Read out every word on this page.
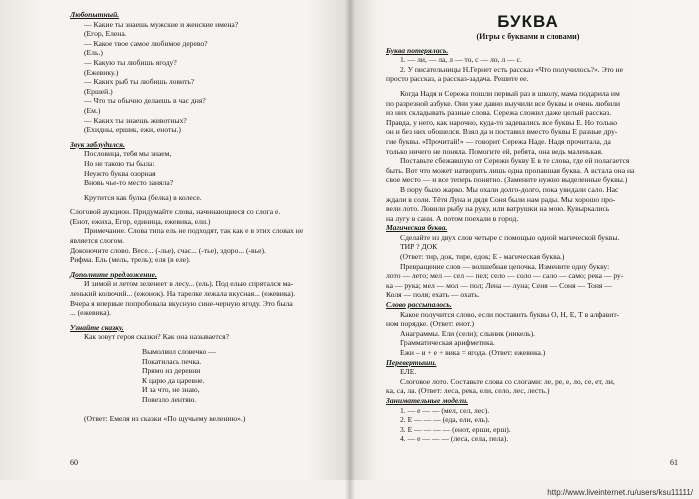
Любопытный.
— Какие ты знаешь мужские и женские имена?
(Егор, Елена.
— Какое твое самое любимое дерево?
(Ель.)
— Какую ты любишь ягоду?
(Ежевику.)
— Каких рыб ты любишь ловить?
(Ершей.)
— Что ты обычно делаешь в час дня?
(Ем.)
— Каких ты знаешь животных?
(Ехидны, ершик, ежи, еноты.)
Звук заблудился.
Пословица, тебя мы знаем,
Но не такою ты была:
Неужто буква озорная
Вновь чье-то место заняла?
Крутится как булка (белка) в колесе.
Слоговой аукцион. Придумайте слова, начинающиеся со слога е.
(Енот, ежиха, Егор, единица, ежевика, ели.)
Примечание. Слова типа ель не подходят, так как е в этих словах не
является слогом.
Доконочите слово. Весе... (-лье), счаc... (-тье), здоро... (-вье).
Рифма. Ель (мель, трель); еля (в еле).
Дополните предложение.
И зимой и летом зеленеет в лесу... (ель). Под елью спрятался ма-
ленький колючий... (ежонок). На тарелке лежала вкусная... (ежевика).
Вчера я впервые попробовала вкусную сине-черную ягоду. Это была
... (ежевика).
Узнайте сказку.
Как зовут героя сказки? Как она называется?
Вымолвил словечко —
Покатилась печка.
Прямо из деревни
К царю да царевне.
И за что, не знаю,
Повезло лентяю.
(Ответ: Емеля из сказки «По щучьему велению».)
60
БУКВА
(Игры с буквами и словами)
Буква потерялась.
1. — ли, — ла, л — то, с — ло, л — с.
2. У писательницы Н.Гернет есть рассказ «Что получилось?». Это не
просто рассказ, а рассказ-задача. Решите ее.
Когда Надя и Сережа пошли первый раз в школу, мама подарила им
по разрезной азбуке. Они уже давно выучили все буквы и очень любили
из них складывать разные слова. Сережа сложил даже целый рассказ.
Правда, у него, как нарочно, куда-то задевались все буквы Е. Но только
он и без них обошелся. Взял да и поставил вместо буквы Е разные дру-
гие буквы. «Прочитай!» — говорит Сережа Наде. Надя прочитала, да
только ничего не поняла. Помогите ей, ребята, она ведь маленькая.
Поставьте сбежавшую от Сережи букву Е в те слова, где ей полагается
быть. Вот что может натворить лишь одна пропавшая буква. А встала она на
свое место — и все теперь понятно. (Замените нужно выделенные буквы.)
В пору было жарко. Мы охали долго-долго, пока увидали сало. Нас
ждали в соли. Тётя Луна и дядя Соня были нам рады. Мы хорошо про-
вели лото. Ловили рыбу на руку, или ватрушки на мою. Кувыркались
на лугу в сани. А потом поехали в город.
Магическая буква.
Сделайте из двух слов четыре с помощью одной магической буквы.
ТИР ? ДОК
(Ответ: тир, док, тире, едок; Е - магическая буква.)
Превращение слов — волшебная цепочка. Измените одну букву:
лото — лето; мел — сел — пел; село — соло — сало — само; река — ру-
ка — рука; мел — мол — пол; Лена — луна; Сеня — Соня — Тоня —
Коля — поля; ехать — охать.
Слово рассыпалось.
Какое получится слово, если поставить буквы О, Н, Е, Т в алфавит-
ном порядке. (Ответ: енот.)
Анаграммы. Ели (сели); слыник (никель).
Грамматическая арифметика.
Ежи – и + е + вика = ягода. (Ответ: ежевика.)
Перевертыши.
ЕЛЕ.
Слоговое лото. Составьте слова со слогами: ле, ре, е, ло, се, ет, ли,
ка, са, ла. (Ответ: леса, река, ели, село, лес, лесть.)
Занимательные модели.
1. — е — — (мел, сел, лес).
2. Е — — — (еда, ели, ель).
3. Е — — — — (енот, ерши, ерш).
4. — е — — — (леса, села, пела).
61
http://www.liveinternet.ru/users/ksu11111/
